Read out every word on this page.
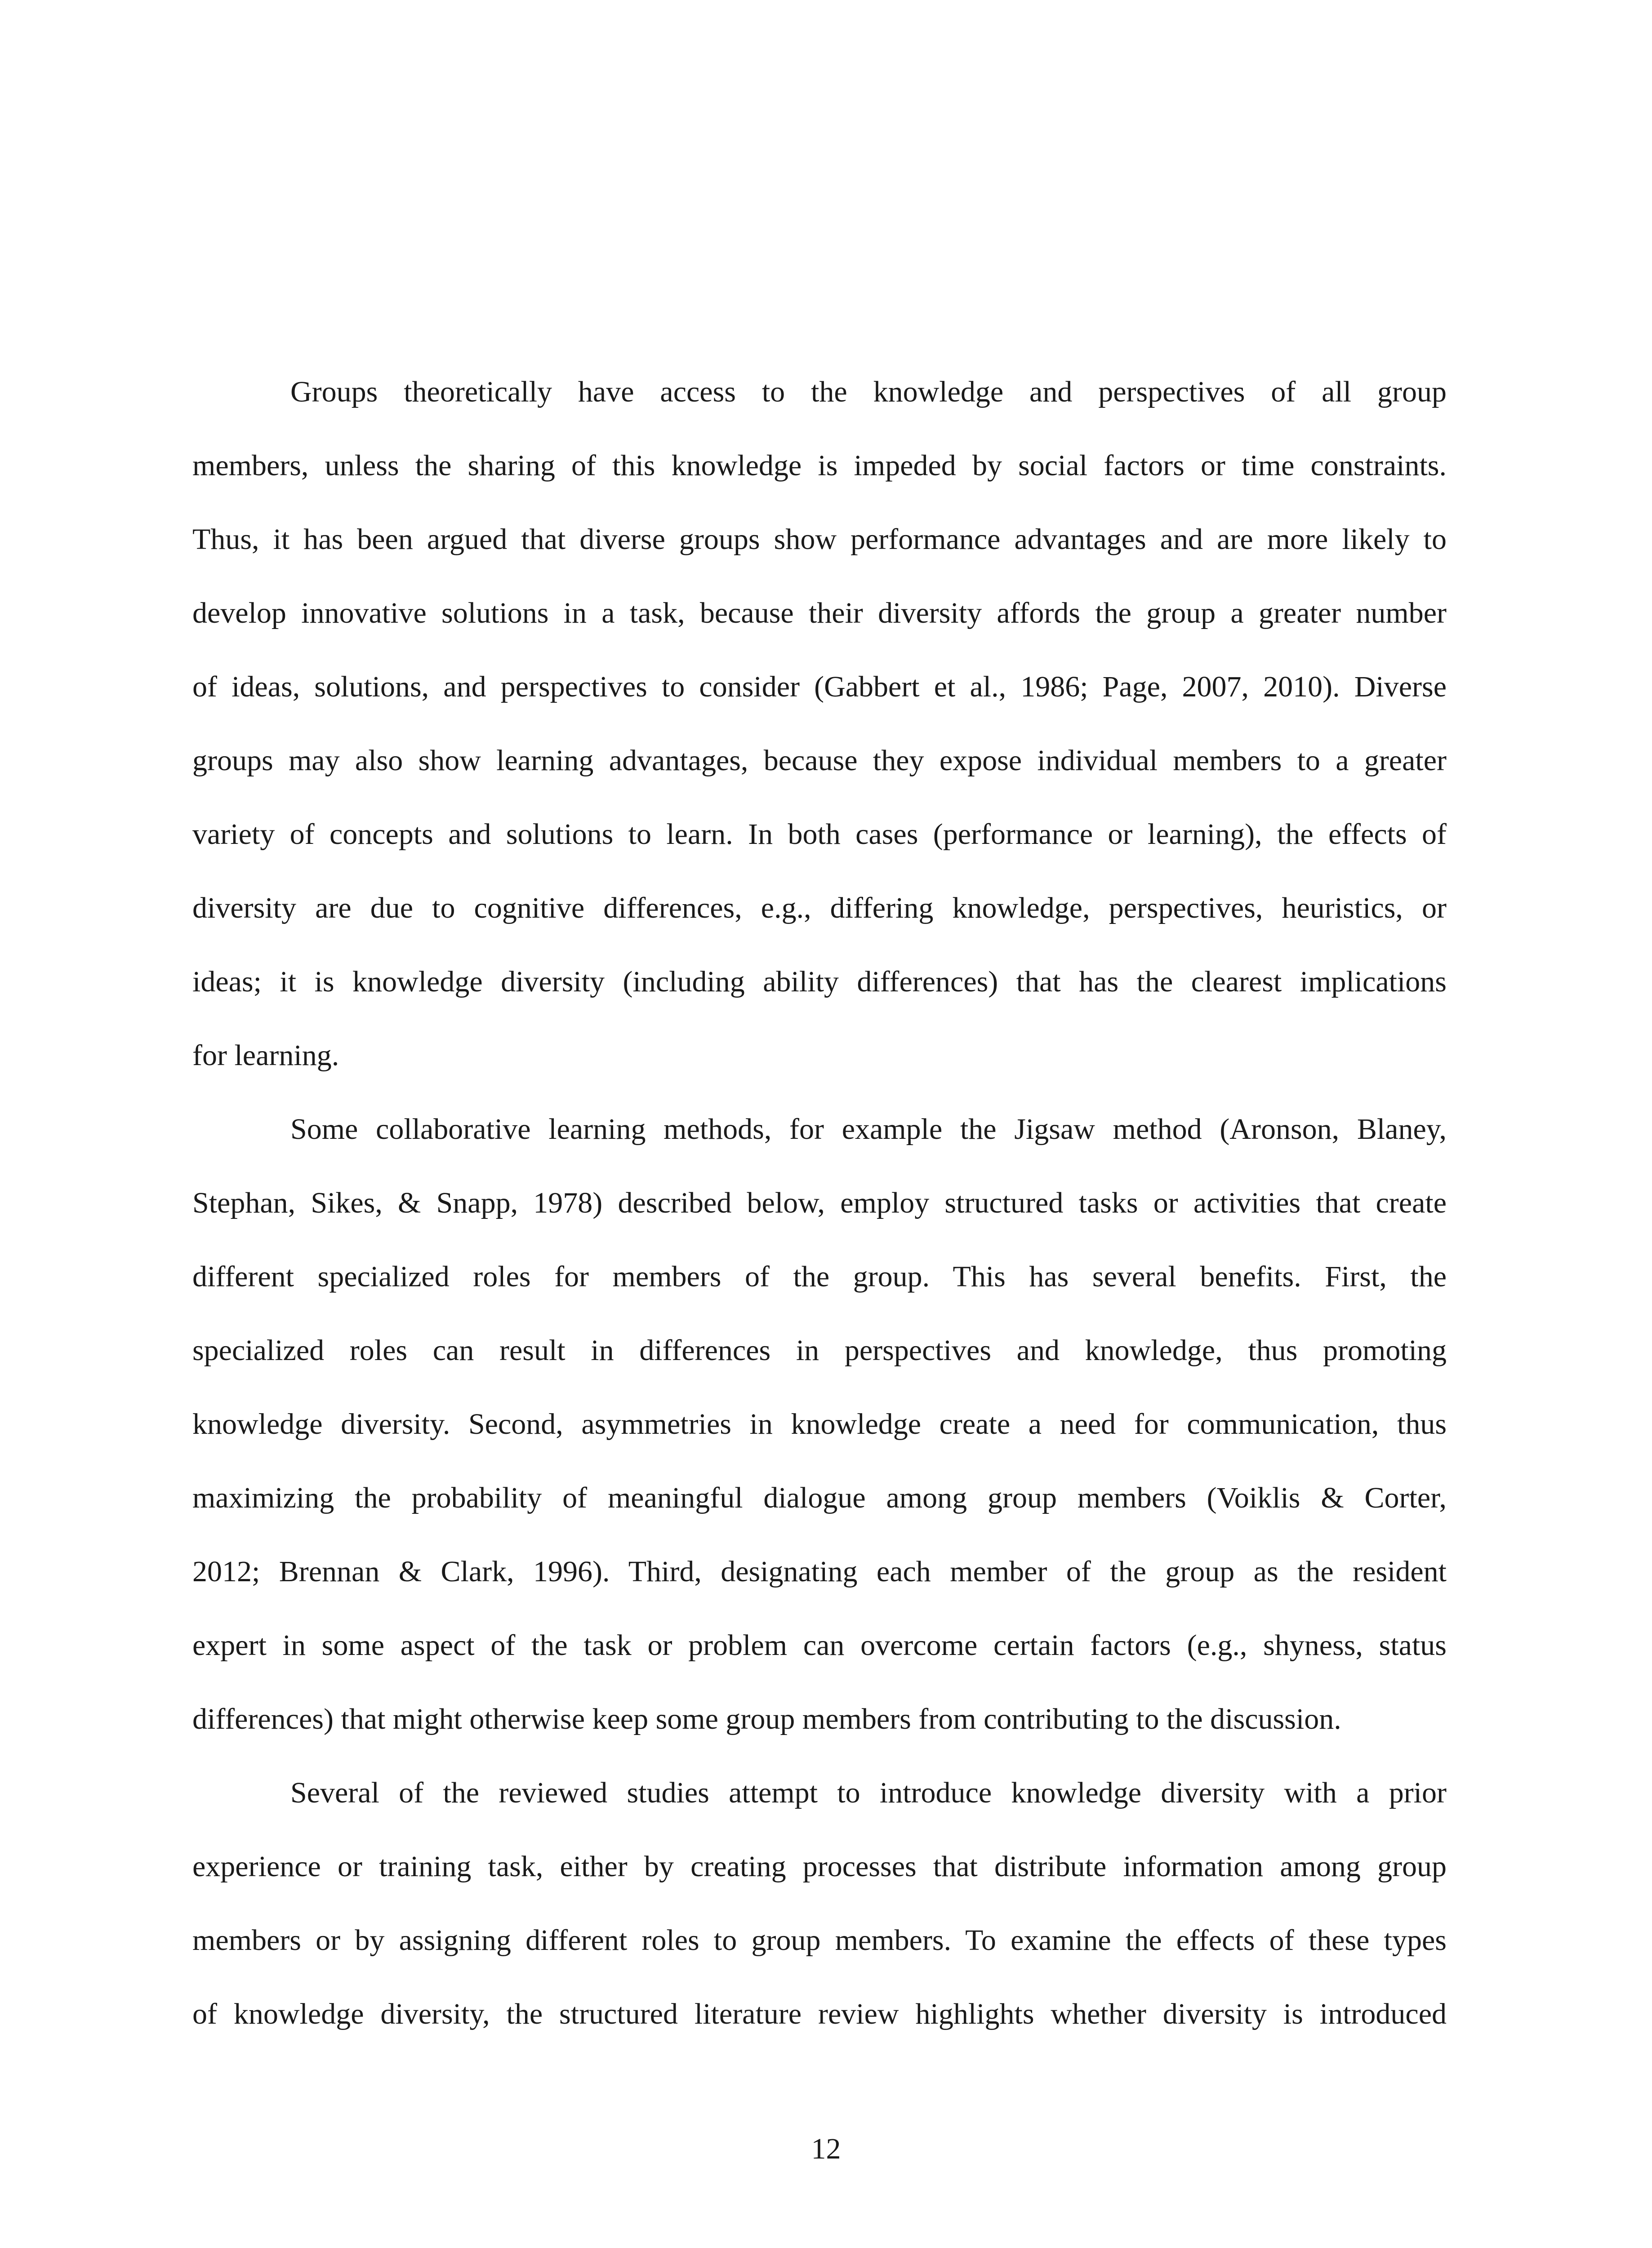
Groups theoretically have access to the knowledge and perspectives of all group
members, unless the sharing of this knowledge is impeded by social factors or time constraints.
Thus, it has been argued that diverse groups show performance advantages and are more likely to
develop innovative solutions in a task, because their diversity affords the group a greater number
of ideas, solutions, and perspectives to consider (Gabbert et al., 1986; Page, 2007, 2010). Diverse
groups may also show learning advantages, because they expose individual members to a greater
variety of concepts and solutions to learn. In both cases (performance or learning), the effects of
diversity are due to cognitive differences, e.g., differing knowledge, perspectives, heuristics, or
ideas; it is knowledge diversity (including ability differences) that has the clearest implications
for learning.
Some collaborative learning methods, for example the Jigsaw method (Aronson, Blaney,
Stephan, Sikes, & Snapp, 1978) described below, employ structured tasks or activities that create
different specialized roles for members of the group. This has several benefits. First, the
specialized roles can result in differences in perspectives and knowledge, thus promoting
knowledge diversity. Second, asymmetries in knowledge create a need for communication, thus
maximizing the probability of meaningful dialogue among group members (Voiklis & Corter,
2012; Brennan & Clark, 1996). Third, designating each member of the group as the resident
expert in some aspect of the task or problem can overcome certain factors (e.g., shyness, status
differences) that might otherwise keep some group members from contributing to the discussion.
Several of the reviewed studies attempt to introduce knowledge diversity with a prior
experience or training task, either by creating processes that distribute information among group
members or by assigning different roles to group members. To examine the effects of these types
of knowledge diversity, the structured literature review highlights whether diversity is introduced
12
